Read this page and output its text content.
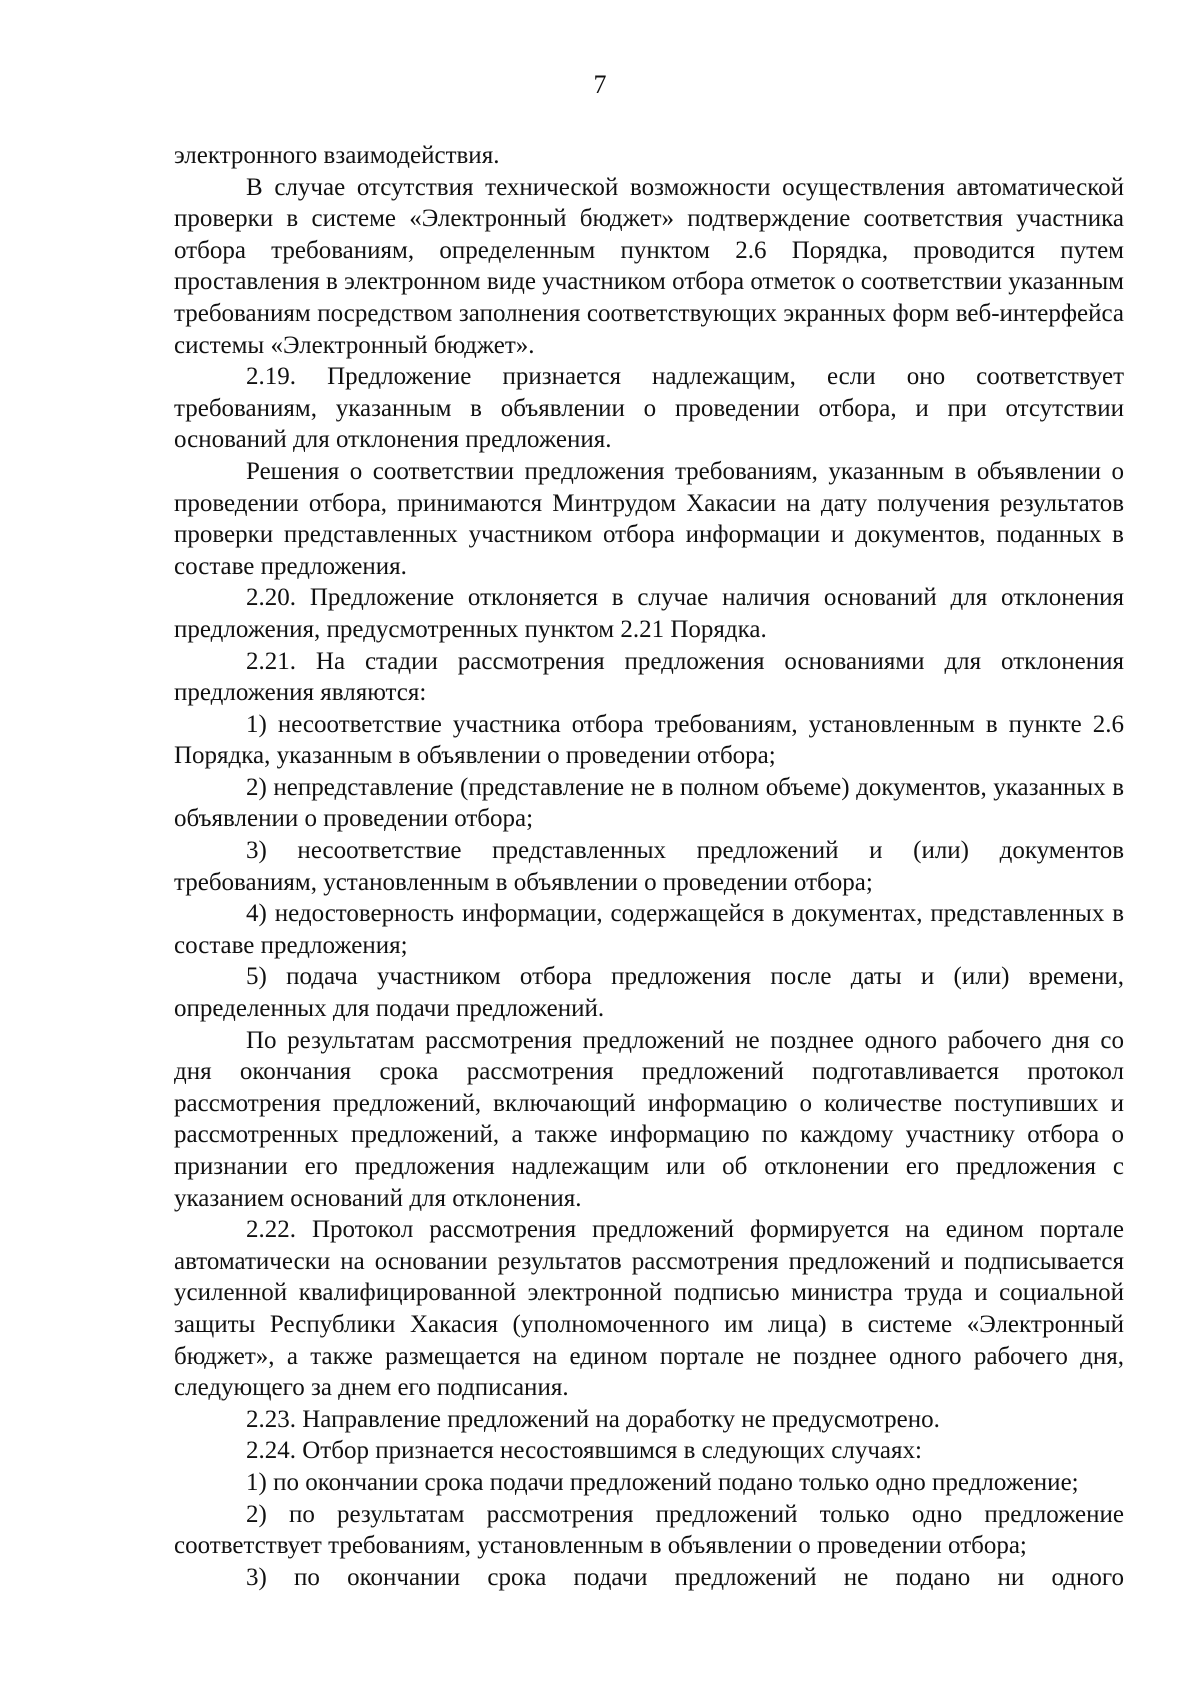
7

электронного взаимодействия.

В случае отсутствия технической возможности осуществления автоматической проверки в системе «Электронный бюджет» подтверждение соответствия участника отбора требованиям, определенным пунктом 2.6 Порядка, проводится путем проставления в электронном виде участником отбора отметок о соответствии указанным требованиям посредством заполнения соответствующих экранных форм веб-интерфейса системы «Электронный бюджет».

2.19. Предложение признается надлежащим, если оно соответствует требованиям, указанным в объявлении о проведении отбора, и при отсутствии оснований для отклонения предложения.

Решения о соответствии предложения требованиям, указанным в объявлении о проведении отбора, принимаются Минтрудом Хакасии на дату получения результатов проверки представленных участником отбора информации и документов, поданных в составе предложения.

2.20. Предложение отклоняется в случае наличия оснований для отклонения предложения, предусмотренных пунктом 2.21 Порядка.

2.21. На стадии рассмотрения предложения основаниями для отклонения предложения являются:

1) несоответствие участника отбора требованиям, установленным в пункте 2.6 Порядка, указанным в объявлении о проведении отбора;

2) непредставление (представление не в полном объеме) документов, указанных в объявлении о проведении отбора;

3) несоответствие представленных предложений и (или) документов требованиям, установленным в объявлении о проведении отбора;

4) недостоверность информации, содержащейся в документах, представленных в составе предложения;

5) подача участником отбора предложения после даты и (или) времени, определенных для подачи предложений.

По результатам рассмотрения предложений не позднее одного рабочего дня со дня окончания срока рассмотрения предложений подготавливается протокол рассмотрения предложений, включающий информацию о количестве поступивших и рассмотренных предложений, а также информацию по каждому участнику отбора о признании его предложения надлежащим или об отклонении его предложения с указанием оснований для отклонения.

2.22. Протокол рассмотрения предложений формируется на едином портале автоматически на основании результатов рассмотрения предложений и подписывается усиленной квалифицированной электронной подписью министра труда и социальной защиты Республики Хакасия (уполномоченного им лица) в системе «Электронный бюджет», а также размещается на едином портале не позднее одного рабочего дня, следующего за днем его подписания.

2.23. Направление предложений на доработку не предусмотрено.

2.24. Отбор признается несостоявшимся в следующих случаях:

1) по окончании срока подачи предложений подано только одно предложение;

2) по результатам рассмотрения предложений только одно предложение соответствует требованиям, установленным в объявлении о проведении отбора;

3) по окончании срока подачи предложений не подано ни одного
